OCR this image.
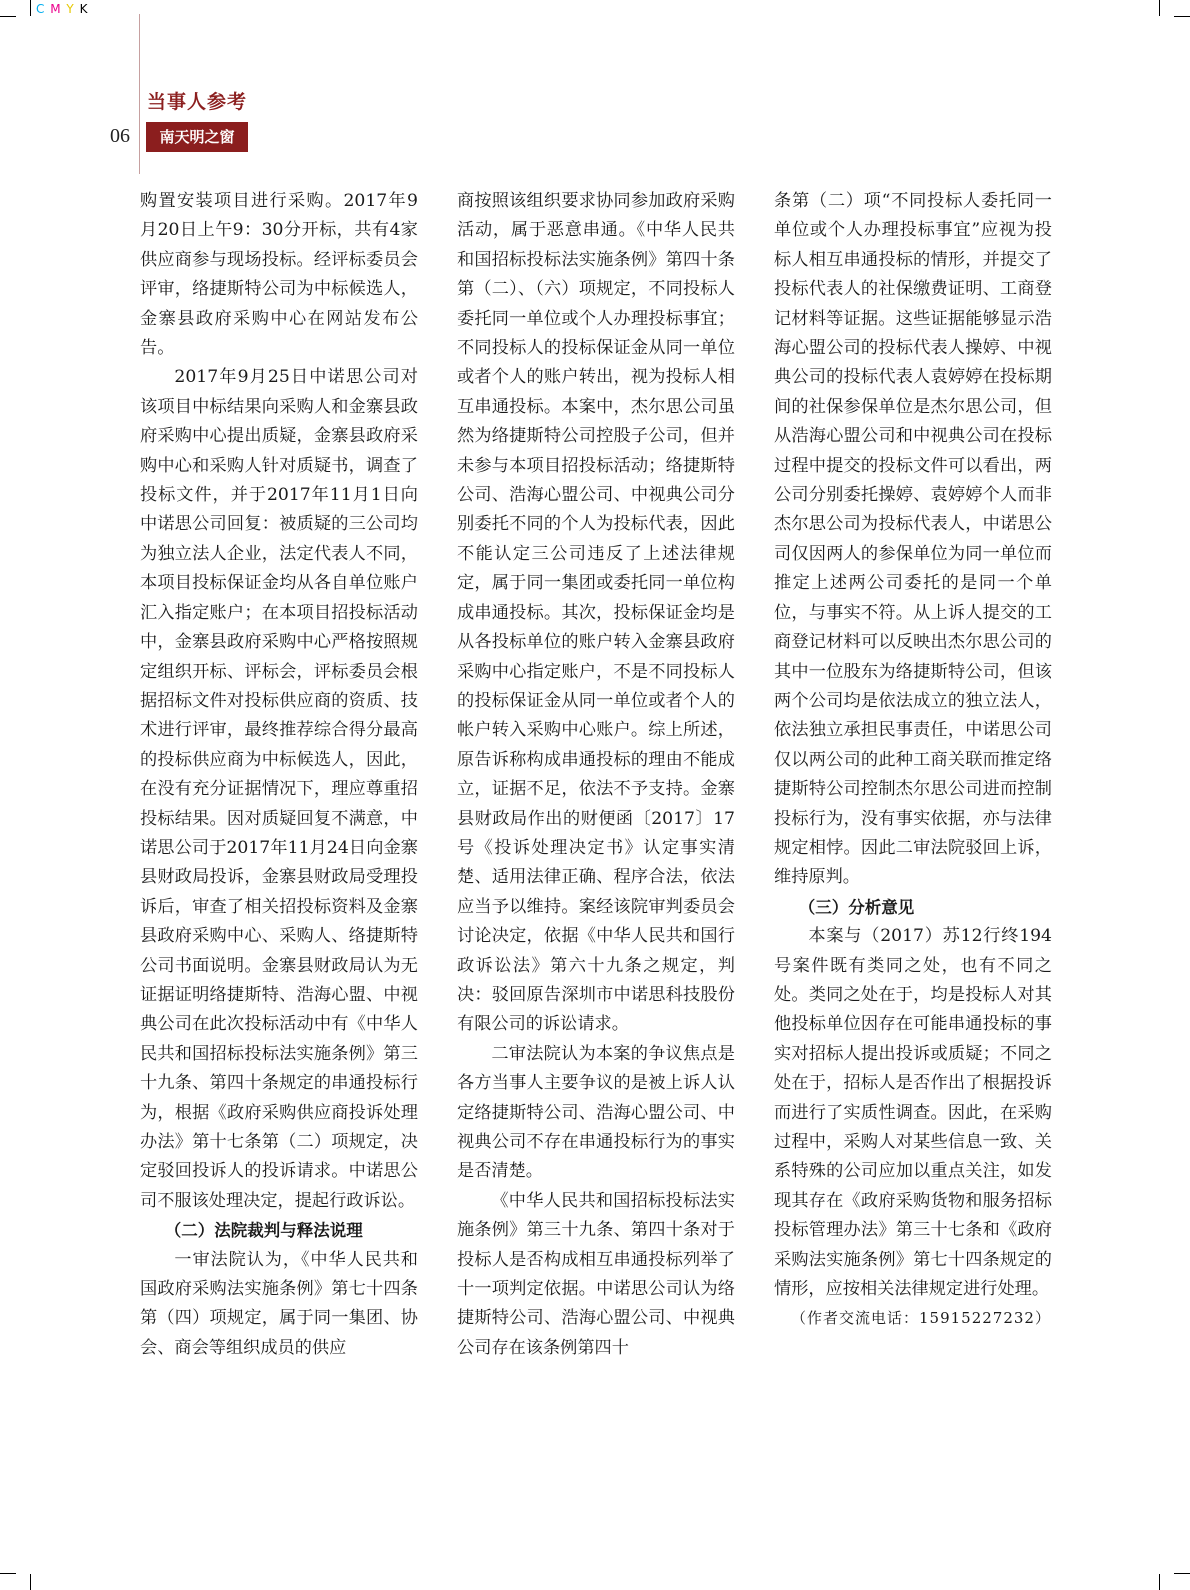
C M Y K
当事人参考
06	南天明之窗

购置安装项目进行采购。2017年9月20日上午9：30分开标，共有4家供应商参与现场投标。经评标委员会评审，络捷斯特公司为中标候选人，金寨县政府采购中心在网站发布公告。

2017年9月25日中诺思公司对该项目中标结果向采购人和金寨县政府采购中心提出质疑，金寨县政府采购中心和采购人针对质疑书，调查了投标文件，并于2017年11月1日向中诺思公司回复：被质疑的三公司均为独立法人企业，法定代表人不同，本项目投标保证金均从各自单位账户汇入指定账户；在本项目招投标活动中，金寨县政府采购中心严格按照规定组织开标、评标会，评标委员会根据招标文件对投标供应商的资质、技术进行评审，最终推荐综合得分最高的投标供应商为中标候选人，因此，在没有充分证据情况下，理应尊重招投标结果。因对质疑回复不满意，中诺思公司于2017年11月24日向金寨县财政局投诉，金寨县财政局受理投诉后，审查了相关招投标资料及金寨县政府采购中心、采购人、络捷斯特公司书面说明。金寨县财政局认为无证据证明络捷斯特、浩海心盟、中视典公司在此次投标活动中有《中华人民共和国招标投标法实施条例》第三十九条、第四十条规定的串通投标行为，根据《政府采购供应商投诉处理办法》第十七条第（二）项规定，决定驳回投诉人的投诉请求。中诺思公司不服该处理决定，提起行政诉讼。

（二）法院裁判与释法说理

一审法院认为，《中华人民共和国政府采购法实施条例》第七十四条第（四）项规定，属于同一集团、协会、商会等组织成员的供应

商按照该组织要求协同参加政府采购活动，属于恶意串通。《中华人民共和国招标投标法实施条例》第四十条第（二）、（六）项规定，不同投标人委托同一单位或个人办理投标事宜；不同投标人的投标保证金从同一单位或者个人的账户转出，视为投标人相互串通投标。本案中，杰尔思公司虽然为络捷斯特公司控股子公司，但并未参与本项目招投标活动；络捷斯特公司、浩海心盟公司、中视典公司分别委托不同的个人为投标代表，因此不能认定三公司违反了上述法律规定，属于同一集团或委托同一单位构成串通投标。其次，投标保证金均是从各投标单位的账户转入金寨县政府采购中心指定账户，不是不同投标人的投标保证金从同一单位或者个人的帐户转入采购中心账户。综上所述，原告诉称构成串通投标的理由不能成立，证据不足，依法不予支持。金寨县财政局作出的财便函〔2017〕17号《投诉处理决定书》认定事实清楚、适用法律正确、程序合法，依法应当予以维持。案经该院审判委员会讨论决定，依据《中华人民共和国行政诉讼法》第六十九条之规定，判决：驳回原告深圳市中诺思科技股份有限公司的诉讼请求。

二审法院认为本案的争议焦点是各方当事人主要争议的是被上诉人认定络捷斯特公司、浩海心盟公司、中视典公司不存在串通投标行为的事实是否清楚。

《中华人民共和国招标投标法实施条例》第三十九条、第四十条对于投标人是否构成相互串通投标列举了十一项判定依据。中诺思公司认为络捷斯特公司、浩海心盟公司、中视典公司存在该条例第四十

条第（二）项“不同投标人委托同一单位或个人办理投标事宜”应视为投标人相互串通投标的情形，并提交了投标代表人的社保缴费证明、工商登记材料等证据。这些证据能够显示浩海心盟公司的投标代表人操婷、中视典公司的投标代表人袁婷婷在投标期间的社保参保单位是杰尔思公司，但从浩海心盟公司和中视典公司在投标过程中提交的投标文件可以看出，两公司分别委托操婷、袁婷婷个人而非杰尔思公司为投标代表人，中诺思公司仅因两人的参保单位为同一单位而推定上述两公司委托的是同一个单位，与事实不符。从上诉人提交的工商登记材料可以反映出杰尔思公司的其中一位股东为络捷斯特公司，但该两个公司均是依法成立的独立法人，依法独立承担民事责任，中诺思公司仅以两公司的此种工商关联而推定络捷斯特公司控制杰尔思公司进而控制投标行为，没有事实依据，亦与法律规定相悖。因此二审法院驳回上诉，维持原判。

（三）分析意见

本案与（2017）苏12行终194号案件既有类同之处，也有不同之处。类同之处在于，均是投标人对其他投标单位因存在可能串通投标的事实对招标人提出投诉或质疑；不同之处在于，招标人是否作出了根据投诉而进行了实质性调查。因此，在采购过程中，采购人对某些信息一致、关系特殊的公司应加以重点关注，如发现其存在《政府采购货物和服务招标投标管理办法》第三十七条和《政府采购法实施条例》第七十四条规定的情形，应按相关法律规定进行处理。

（作者交流电话：15915227232）
